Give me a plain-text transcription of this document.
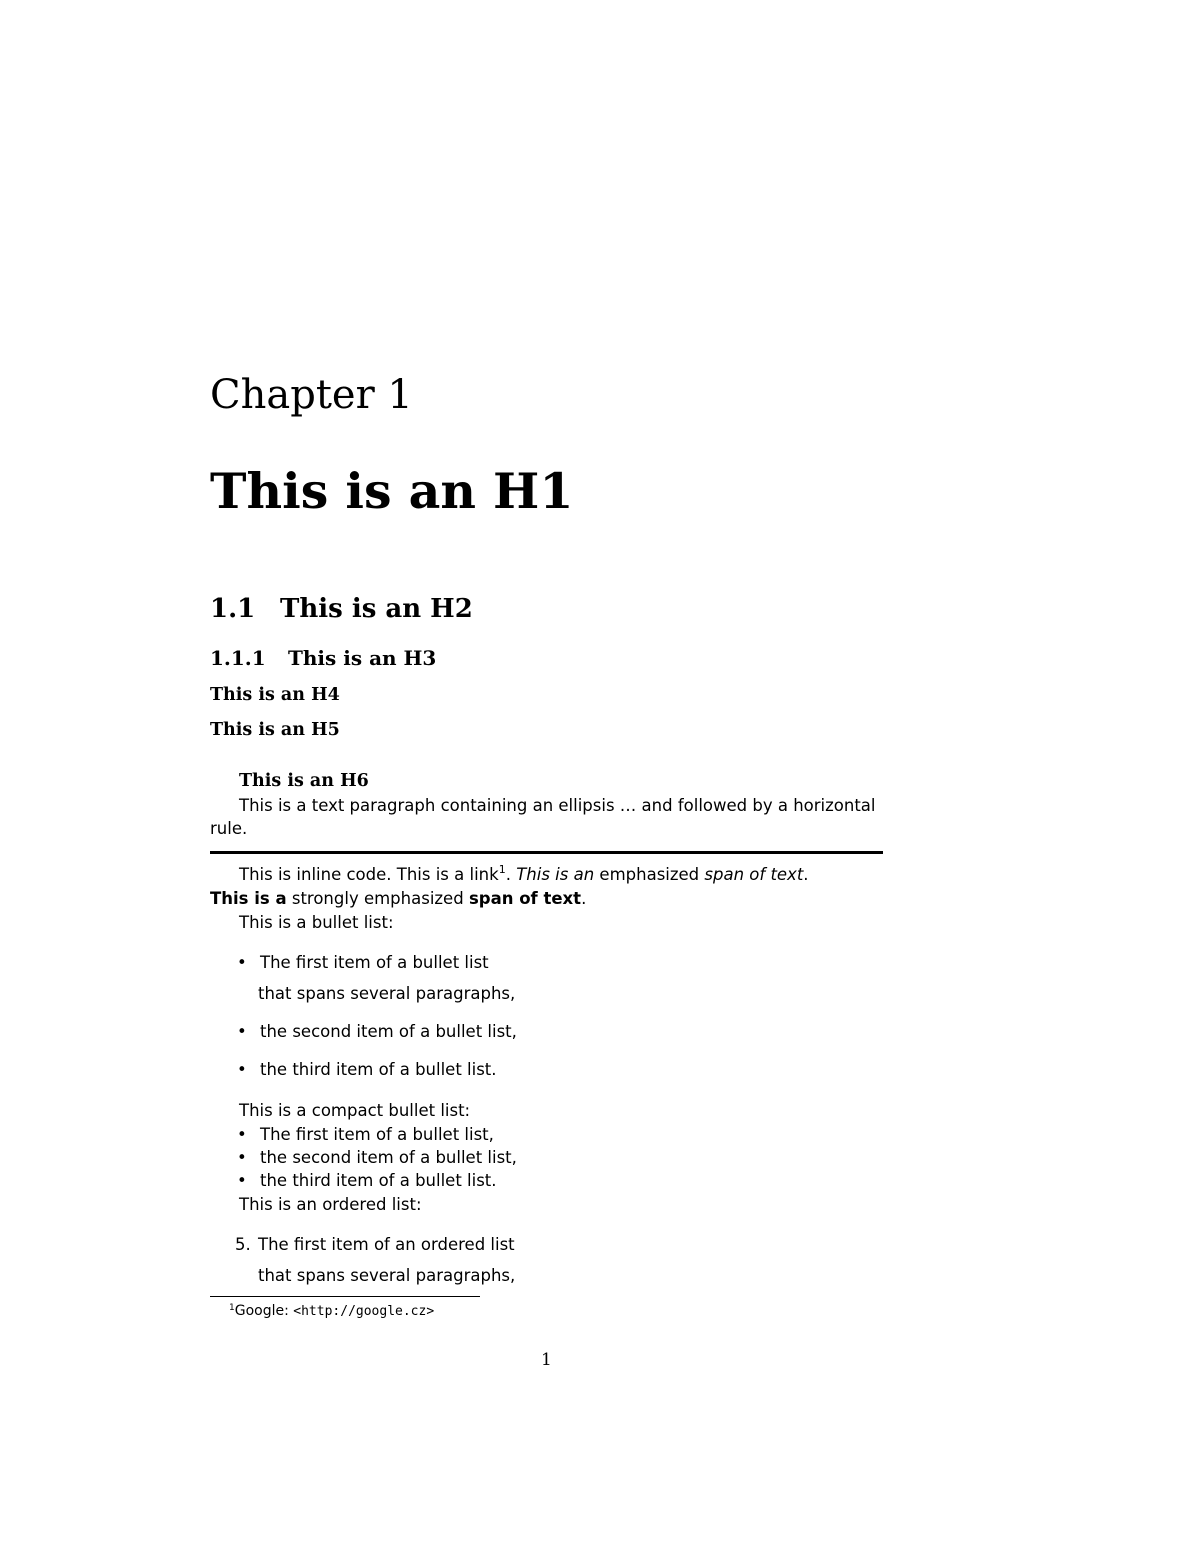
Chapter 1
This is an H1
1.1 This is an H2
1.1.1 This is an H3
This is an H4
This is an H5
This is an H6
This is a text paragraph containing an ellipsis … and followed by a horizontal
rule.
This is inline code. This is a link$^1$. This is an emphasized span of text.
This is a strongly emphasized span of text.
This is a bullet list:
• The first item of a bullet list
that spans several paragraphs,
• the second item of a bullet list,
• the third item of a bullet list.
This is a compact bullet list:
• The first item of a bullet list,
• the second item of a bullet list,
• the third item of a bullet list.
This is an ordered list:
5. The first item of an ordered list
that spans several paragraphs,
$^1$Google: <http://google.cz>
1
